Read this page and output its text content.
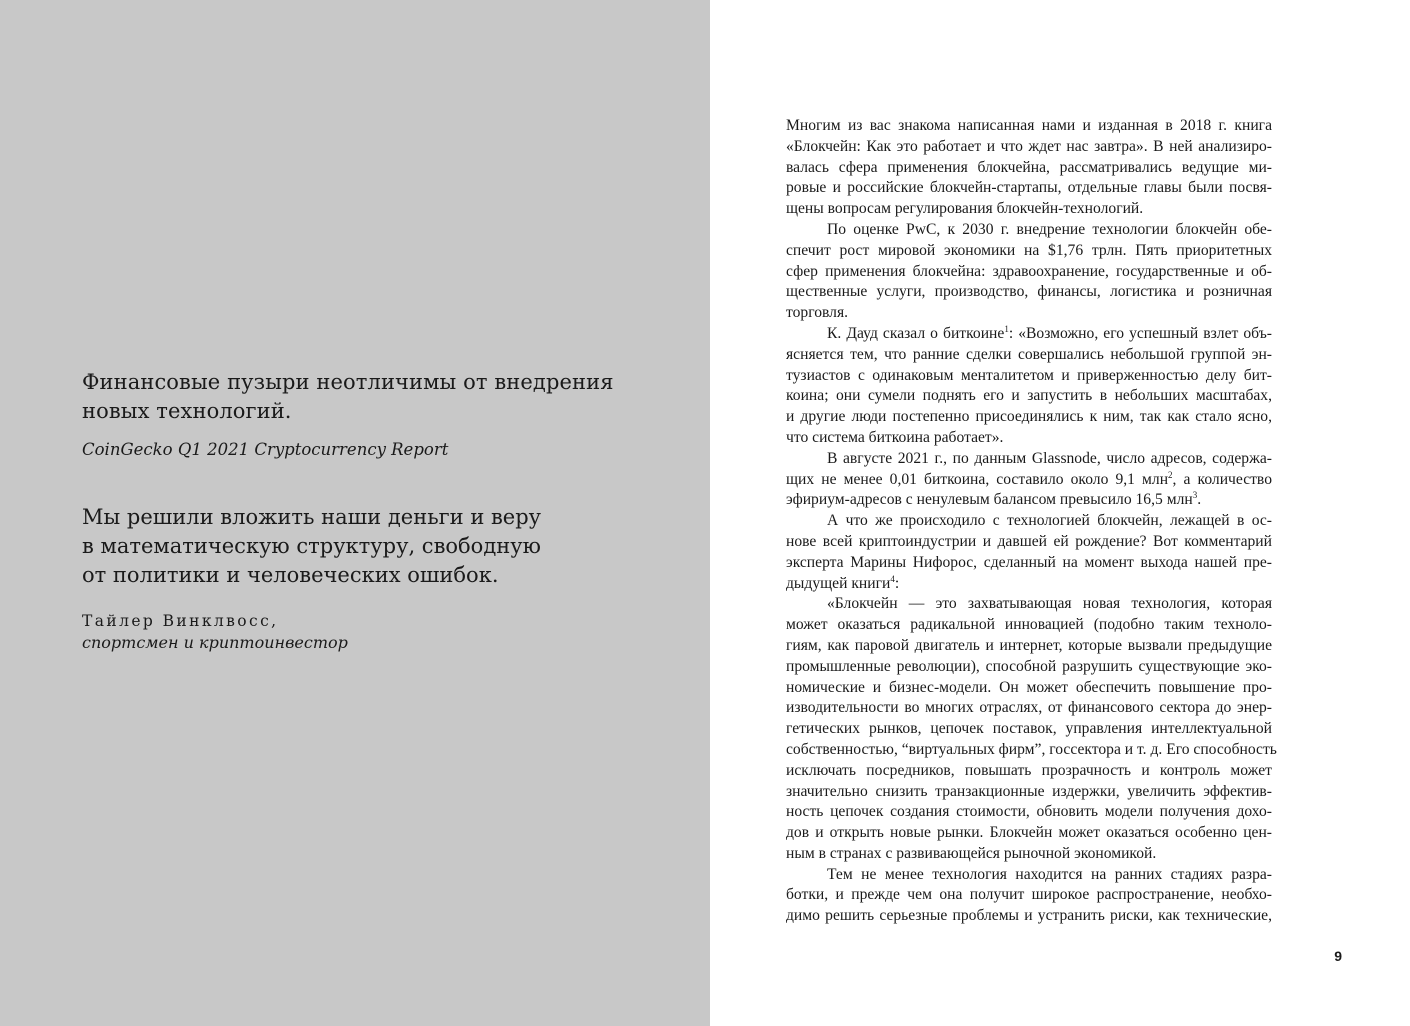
Финансовые пузыри неотличимы от внедрения
новых технологий.

CoinGecko Q1 2021 Cryptocurrency Report

Мы решили вложить наши деньги и веру
в математическую структуру, свободную
от политики и человеческих ошибок.

Тайлер Винклвосс,
спортсмен и криптоинвестор
Многим из вас знакома написанная нами и изданная в 2018 г. книга
«Блокчейн: Как это работает и что ждет нас завтра». В ней анализиро-
валась сфера применения блокчейна, рассматривались ведущие ми-
ровые и российские блокчейн-стартапы, отдельные главы были посвя-
щены вопросам регулирования блокчейн-технологий.
По оценке PwC, к 2030 г. внедрение технологии блокчейн обе-
спечит рост мировой экономики на $1,76 трлн. Пять приоритетных
сфер применения блокчейна: здравоохранение, государственные и об-
щественные услуги, производство, финансы, логистика и розничная
торговля.
К. Дауд сказал о биткоине$^1$: «Возможно, его успешный взлет объ-
ясняется тем, что ранние сделки совершались небольшой группой эн-
тузиастов с одинаковым менталитетом и приверженностью делу бит-
коина; они сумели поднять его и запустить в небольших масштабах,
и другие люди постепенно присоединялись к ним, так как стало ясно,
что система биткоина работает».
В августе 2021 г., по данным Glassnode, число адресов, содержа-
щих не менее 0,01 биткоина, составило около 9,1 млн$^2$, а количество
эфириум-адресов с ненулевым балансом превысило 16,5 млн$^3$.
А что же происходило с технологией блокчейн, лежащей в ос-
нове всей криптоиндустрии и давшей ей рождение? Вот комментарий
эксперта Марины Нифорос, сделанный на момент выхода нашей пре-
дыдущей книги$^4$:
«Блокчейн — это захватывающая новая технология, которая
может оказаться радикальной инновацией (подобно таким техноло-
гиям, как паровой двигатель и интернет, которые вызвали предыдущие
промышленные революции), способной разрушить существующие эко-
номические и бизнес-модели. Он может обеспечить повышение про-
изводительности во многих отраслях, от финансового сектора до энер-
гетических рынков, цепочек поставок, управления интеллектуальной
собственностью, “виртуальных фирм”, госсектора и т. д. Его способность
исключать посредников, повышать прозрачность и контроль может
значительно снизить транзакционные издержки, увеличить эффектив-
ность цепочек создания стоимости, обновить модели получения дохо-
дов и открыть новые рынки. Блокчейн может оказаться особенно цен-
ным в странах с развивающейся рыночной экономикой.
Тем не менее технология находится на ранних стадиях разра-
ботки, и прежде чем она получит широкое распространение, необхо-
димо решить серьезные проблемы и устранить риски, как технические,
9
